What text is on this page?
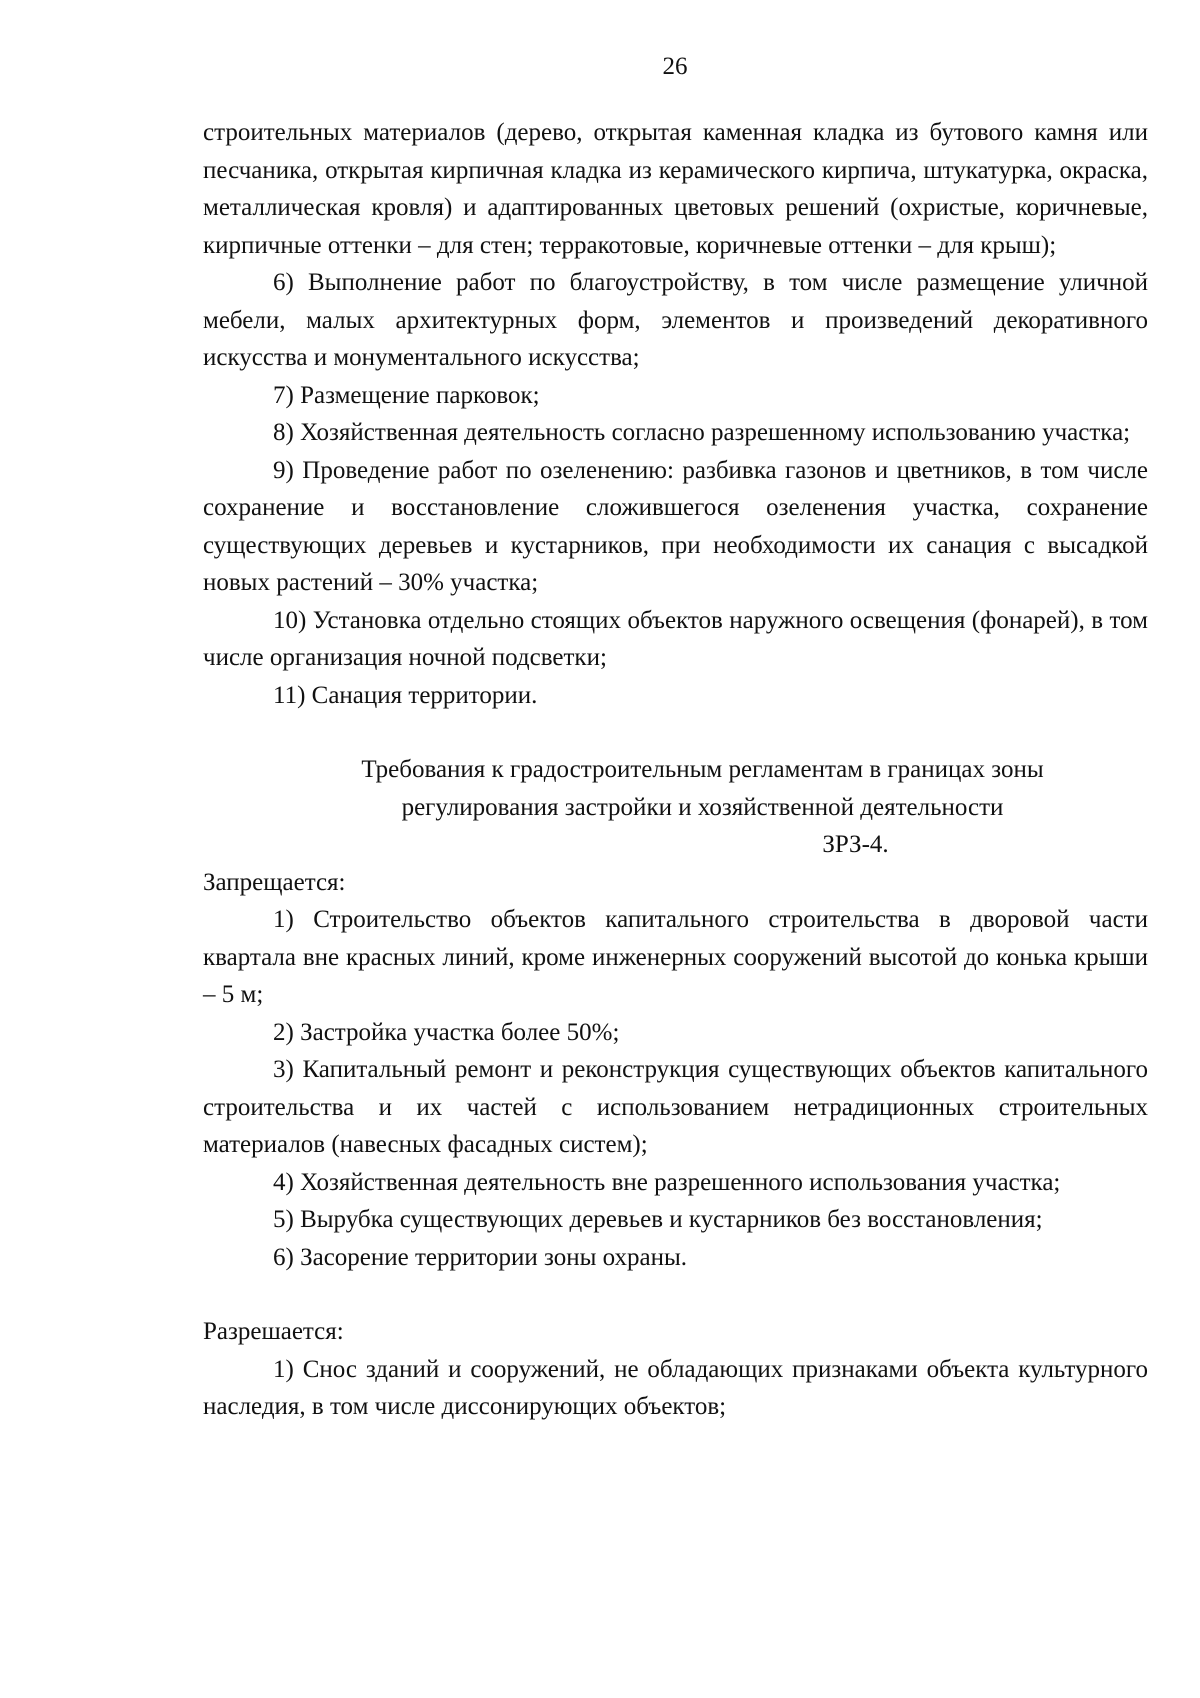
26

строительных материалов (дерево, открытая каменная кладка из бутового камня или песчаника, открытая кирпичная кладка из керамического кирпича, штукатурка, окраска, металлическая кровля) и адаптированных цветовых решений (охристые, коричневые, кирпичные оттенки – для стен; терракотовые, коричневые оттенки – для крыш);

6) Выполнение работ по благоустройству, в том числе размещение уличной мебели, малых архитектурных форм, элементов и произведений декоративного искусства и монументального искусства;

7) Размещение парковок;

8) Хозяйственная деятельность согласно разрешенному использованию участка;

9) Проведение работ по озеленению: разбивка газонов и цветников, в том числе сохранение и восстановление сложившегося озеленения участка, сохранение существующих деревьев и кустарников, при необходимости их санация с высадкой новых растений – 30% участка;

10) Установка отдельно стоящих объектов наружного освещения (фонарей), в том числе организация ночной подсветки;

11) Санация территории.

Требования к градостроительным регламентам в границах зоны
регулирования застройки и хозяйственной деятельности
ЗРЗ-4.

Запрещается:

1) Строительство объектов капитального строительства в дворовой части квартала вне красных линий, кроме инженерных сооружений высотой до конька крыши – 5 м;

2) Застройка участка более 50%;

3) Капитальный ремонт и реконструкция существующих объектов капитального строительства и их частей с использованием нетрадиционных строительных материалов (навесных фасадных систем);

4) Хозяйственная деятельность вне разрешенного использования участка;

5) Вырубка существующих деревьев и кустарников без восстановления;

6) Засорение территории зоны охраны.

Разрешается:

1) Снос зданий и сооружений, не обладающих признаками объекта культурного наследия, в том числе диссонирующих объектов;
